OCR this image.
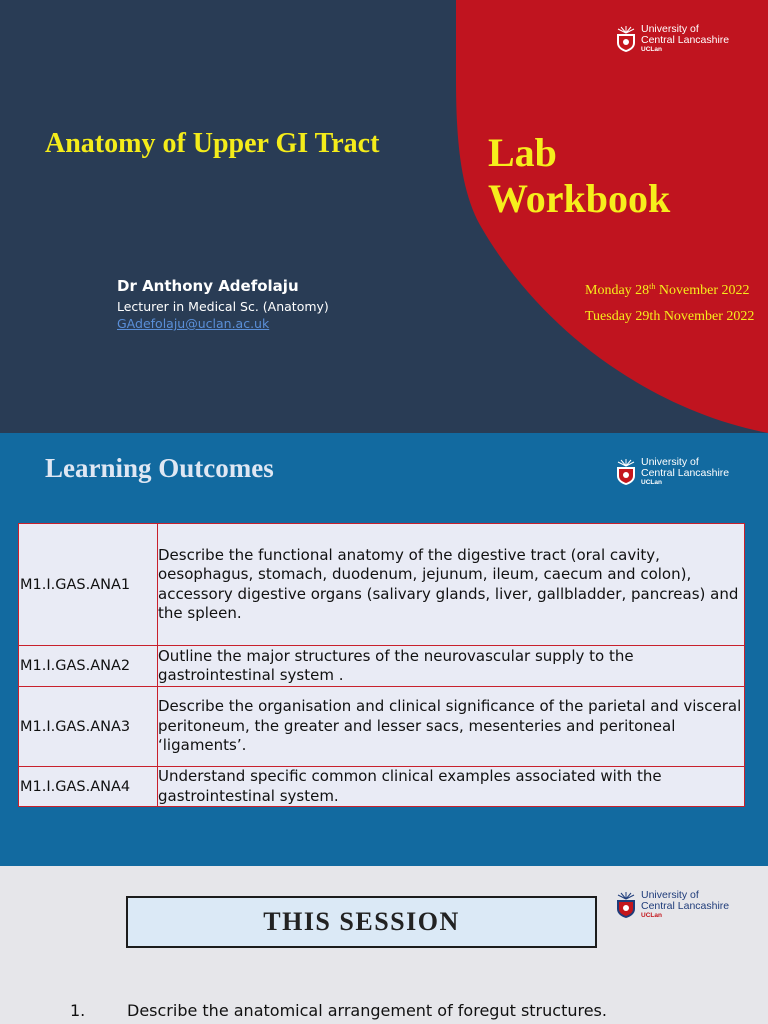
University of
Central Lancashire
UCLan
Anatomy of Upper GI Tract	Lab
Workbook
Dr Anthony Adefolaju
Lecturer in Medical Sc. (Anatomy)
GAdefolaju@uclan.ac.uk
Monday 28th November 2022
Tuesday 29th November 2022
Learning Outcomes	University of
Central Lancashire
UCLan
M1.I.GAS.ANA1	Describe the functional anatomy of the digestive tract (oral cavity, oesophagus, stomach, duodenum, jejunum, ileum, caecum and colon), accessory digestive organs (salivary glands, liver, gallbladder, pancreas) and the spleen.
M1.I.GAS.ANA2	Outline the major structures of the neurovascular supply to the gastrointestinal system .
M1.I.GAS.ANA3	Describe the organisation and clinical significance of the parietal and visceral peritoneum, the greater and lesser sacs, mesenteries and peritoneal ‘ligaments’.
M1.I.GAS.ANA4	Understand specific common clinical examples associated with the gastrointestinal system.
THIS SESSION
University of
Central Lancashire
UCLan
1.	Describe the anatomical arrangement of foregut structures.
